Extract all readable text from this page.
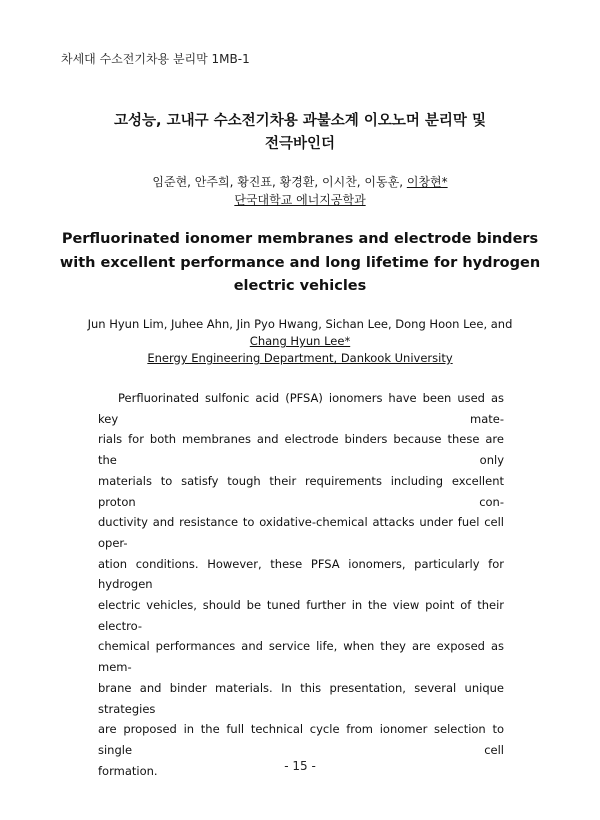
차세대 수소전기차용 분리막 1MB-1
고성능, 고내구 수소전기차용 과불소계 이오노머 분리막 및
전극바인더
임준현, 안주희, 황진표, 황경환, 이시찬, 이동훈, 이창현*
단국대학교 에너지공학과
Perfluorinated ionomer membranes and electrode binders
with excellent performance and long lifetime for hydrogen
electric vehicles
Jun Hyun Lim, Juhee Ahn, Jin Pyo Hwang, Sichan Lee, Dong Hoon Lee, and
Chang Hyun Lee*
Energy Engineering Department, Dankook University
Perfluorinated sulfonic acid (PFSA) ionomers have been used as key mate-
rials for both membranes and electrode binders because these are the only
materials to satisfy tough their requirements including excellent proton con-
ductivity and resistance to oxidative-chemical attacks under fuel cell oper-
ation conditions. However, these PFSA ionomers, particularly for hydrogen
electric vehicles, should be tuned further in the view point of their electro-
chemical performances and service life, when they are exposed as mem-
brane and binder materials. In this presentation, several unique strategies
are proposed in the full technical cycle from ionomer selection to single cell
formation.	- 15 -
